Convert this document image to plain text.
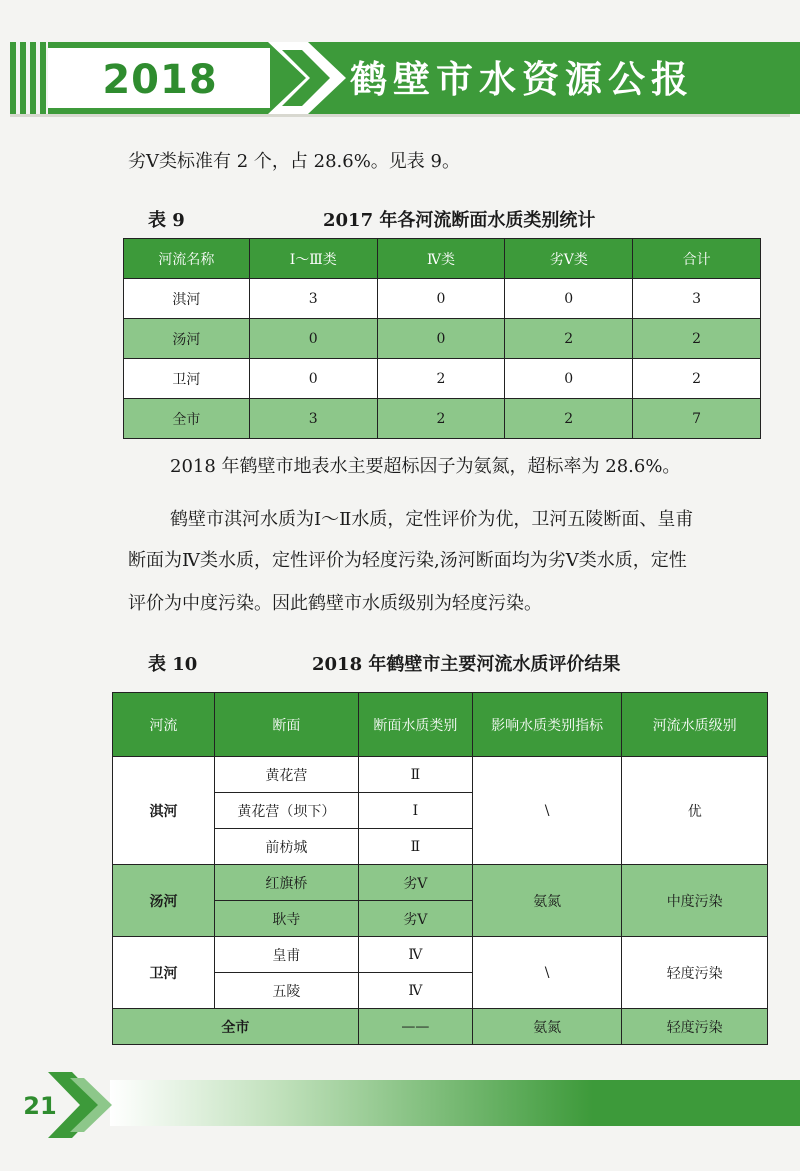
2018	鹤壁市水资源公报
劣Ⅴ类标准有 2 个，占 28.6%。见表 9。
表 9	2017 年各河流断面水质类别统计
河流名称	Ⅰ～Ⅲ类	Ⅳ类	劣Ⅴ类	合计
淇河	3	0	0	3
汤河	0	0	2	2
卫河	0	2	0	2
全市	3	2	2	7
2018 年鹤壁市地表水主要超标因子为氨氮，超标率为 28.6%。
鹤壁市淇河水质为Ⅰ～Ⅱ水质，定性评价为优，卫河五陵断面、皇甫
断面为Ⅳ类水质，定性评价为轻度污染,汤河断面均为劣Ⅴ类水质，定性
评价为中度污染。因此鹤壁市水质级别为轻度污染。
表 10	2018 年鹤壁市主要河流水质评价结果
河流	断面	断面水质类别	影响水质类别指标	河流水质级别
淇河	黄花营	Ⅱ	\	优
	黄花营（坝下）	Ⅰ		
	前枋城	Ⅱ		
汤河	红旗桥	劣Ⅴ	氨氮	中度污染
	耿寺	劣Ⅴ		
卫河	皇甫	Ⅳ	\	轻度污染
	五陵	Ⅳ		
全市		——	氨氮	轻度污染
21
